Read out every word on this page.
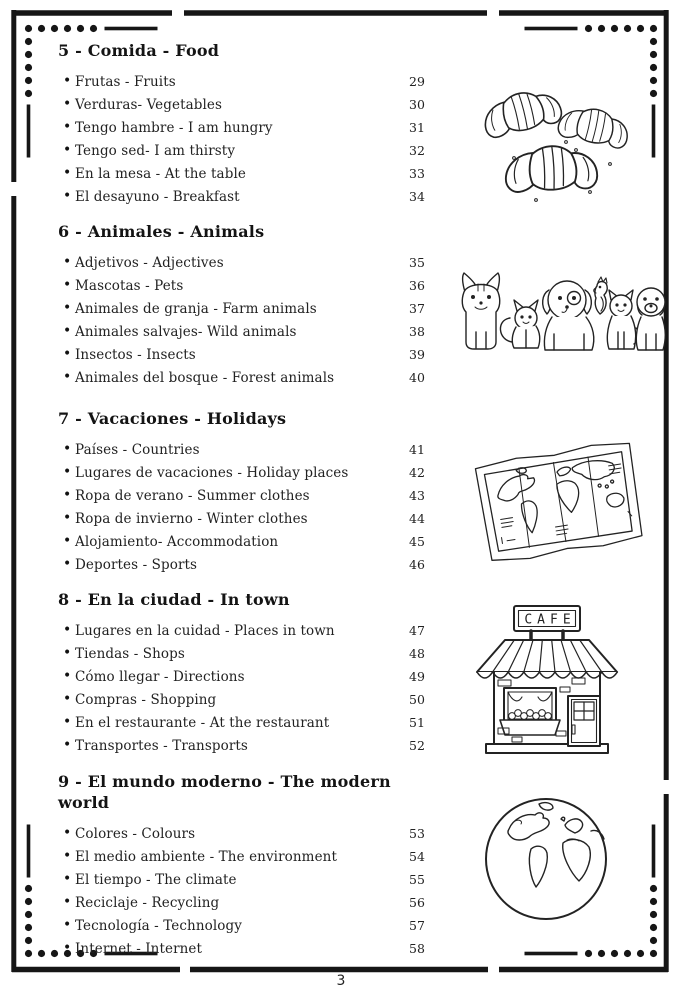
5 - Comida - Food
• Frutas - Fruits	29
• Verduras- Vegetables	30
• Tengo hambre - I am hungry	31
• Tengo sed- I am thirsty	32
• En la mesa - At the table	33
• El desayuno - Breakfast	34
6 - Animales - Animals
• Adjetivos - Adjectives	35
• Mascotas - Pets	36
• Animales de granja - Farm animals	37
• Animales salvajes- Wild animals	38
• Insectos - Insects	39
• Animales del bosque - Forest animals	40
7 - Vacaciones - Holidays
• Países - Countries	41
• Lugares de vacaciones - Holiday places	42
• Ropa de verano - Summer clothes	43
• Ropa de invierno - Winter clothes	44
• Alojamiento- Accommodation	45
• Deportes - Sports	46
8 - En la ciudad - In town
• Lugares en la cuidad - Places in town	47
• Tiendas - Shops	48
• Cómo llegar - Directions	49
• Compras - Shopping	50
• En el restaurante - At the restaurant	51
• Transportes - Transports	52
9 - El mundo moderno - The modern world
• Colores - Colours	53
• El medio ambiente - The environment	54
• El tiempo - The climate	55
• Reciclaje - Recycling	56
• Tecnología - Technology	57
• Internet - Internet	58
CAFE
3
